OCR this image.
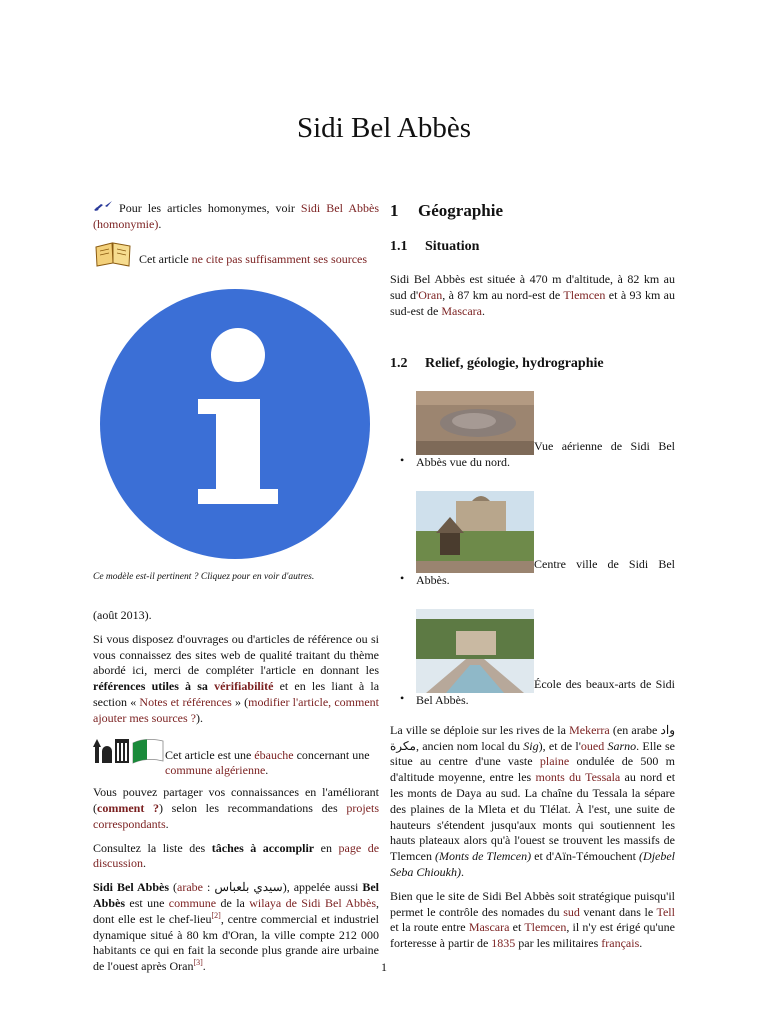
Sidi Bel Abbès

Pour les articles homonymes, voir Sidi Bel Abbès (homonymie).

Cet article ne cite pas suffisamment ses sources
Ce modèle est-il pertinent ? Cliquez pour en voir d'autres.

(août 2013).

Si vous disposez d'ouvrages ou d'articles de référence ou si vous connaissez des sites web de qualité traitant du thème abordé ici, merci de compléter l'article en donnant les références utiles à sa vérifiabilité et en les liant à la section « Notes et références » (modifier l'article, comment ajouter mes sources ?).

Cet article est une ébauche concernant une commune algérienne.

Vous pouvez partager vos connaissances en l'améliorant (comment ?) selon les recommandations des projets correspondants.

Consultez la liste des tâches à accomplir en page de discussion.

Sidi Bel Abbès (arabe : سيدي بلعباس), appelée aussi Bel Abbès est une commune de la wilaya de Sidi Bel Abbès, dont elle est le chef-lieu[2], centre commercial et industriel dynamique situé à 80 km d'Oran, la ville compte 212 000 habitants ce qui en fait la seconde plus grande aire urbaine de l'ouest après Oran[3].

1 Géographie
1.1 Situation

Sidi Bel Abbès est située à 470 m d'altitude, à 82 km au sud d'Oran, à 87 km au nord-est de Tlemcen et à 93 km au sud-est de Mascara.

1.2 Relief, géologie, hydrographie
•
Vue aérienne de Sidi Bel Abbès vue du nord.
•
Centre ville de Sidi Bel Abbès.
•
École des beaux-arts de Sidi Bel Abbès.

La ville se déploie sur les rives de la Mekerra (en arabe واد مكرة, ancien nom local du Sig), et de l'oued Sarno. Elle se situe au centre d'une vaste plaine ondulée de 500 m d'altitude moyenne, entre les monts du Tessala au nord et les monts de Daya au sud. La chaîne du Tessala la sépare des plaines de la Mleta et du Tlélat. À l'est, une suite de hauteurs s'étendent jusqu'aux monts qui soutiennent les hauts plateaux alors qu'à l'ouest se trouvent les massifs de Tlemcen (Monts de Tlemcen) et d'Aïn-Témouchent (Djebel Seba Chioukh).

Bien que le site de Sidi Bel Abbès soit stratégique puisqu'il permet le contrôle des nomades du sud venant dans le Tell et la route entre Mascara et Tlemcen, il n'y est érigé qu'une forteresse à partir de 1835 par les militaires français.

1
